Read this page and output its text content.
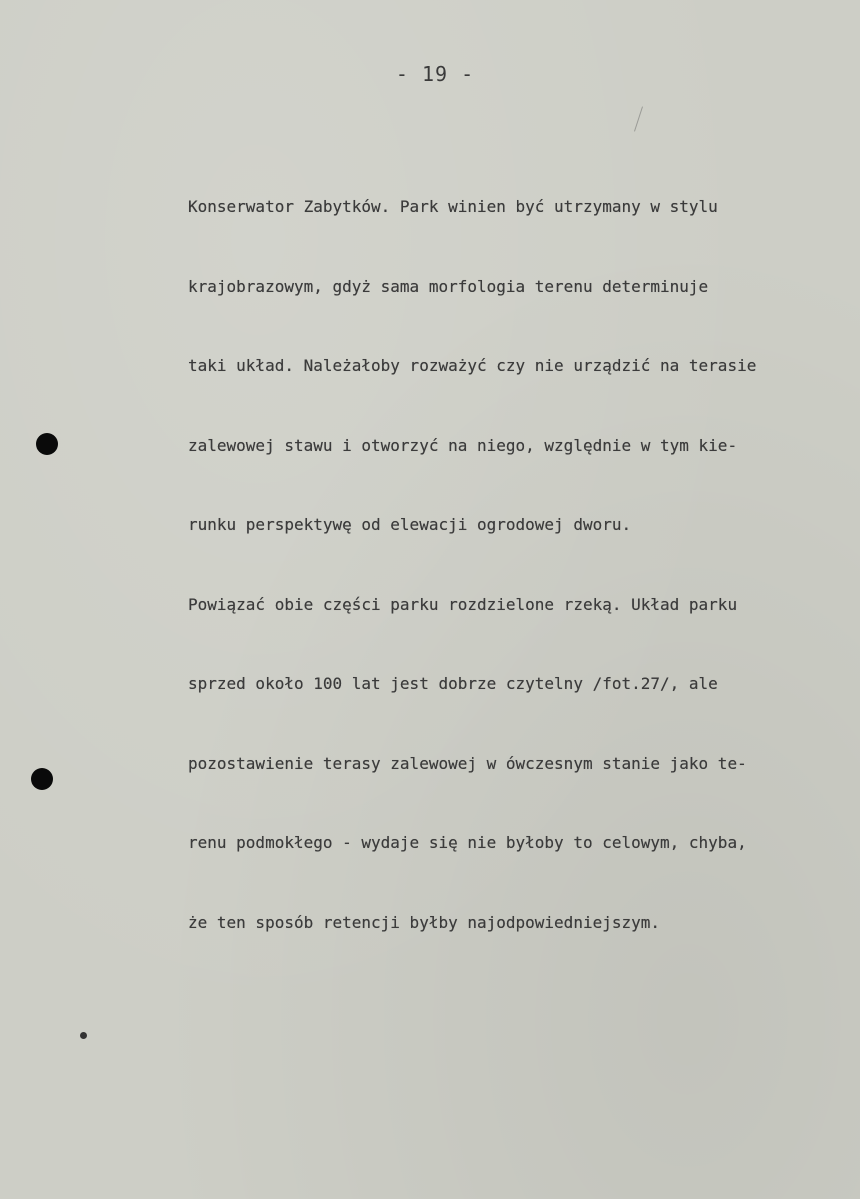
- 19 -

Konserwator Zabytków. Park winien być utrzymany w stylu

krajobrazowym, gdyż sama morfologia terenu determinuje

taki układ. Należałoby rozważyć czy nie urządzić na terasie

zalewowej stawu i otworzyć na niego, względnie w tym kie-

runku perspektywę od elewacji ogrodowej dworu.

Powiązać obie części parku rozdzielone rzeką. Układ parku

sprzed około 100 lat jest dobrze czytelny /fot.27/, ale

pozostawienie terasy zalewowej w ówczesnym stanie jako te-

renu podmokłego - wydaje się nie byłoby to celowym, chyba,

że ten sposób retencji byłby najodpowiedniejszym.
